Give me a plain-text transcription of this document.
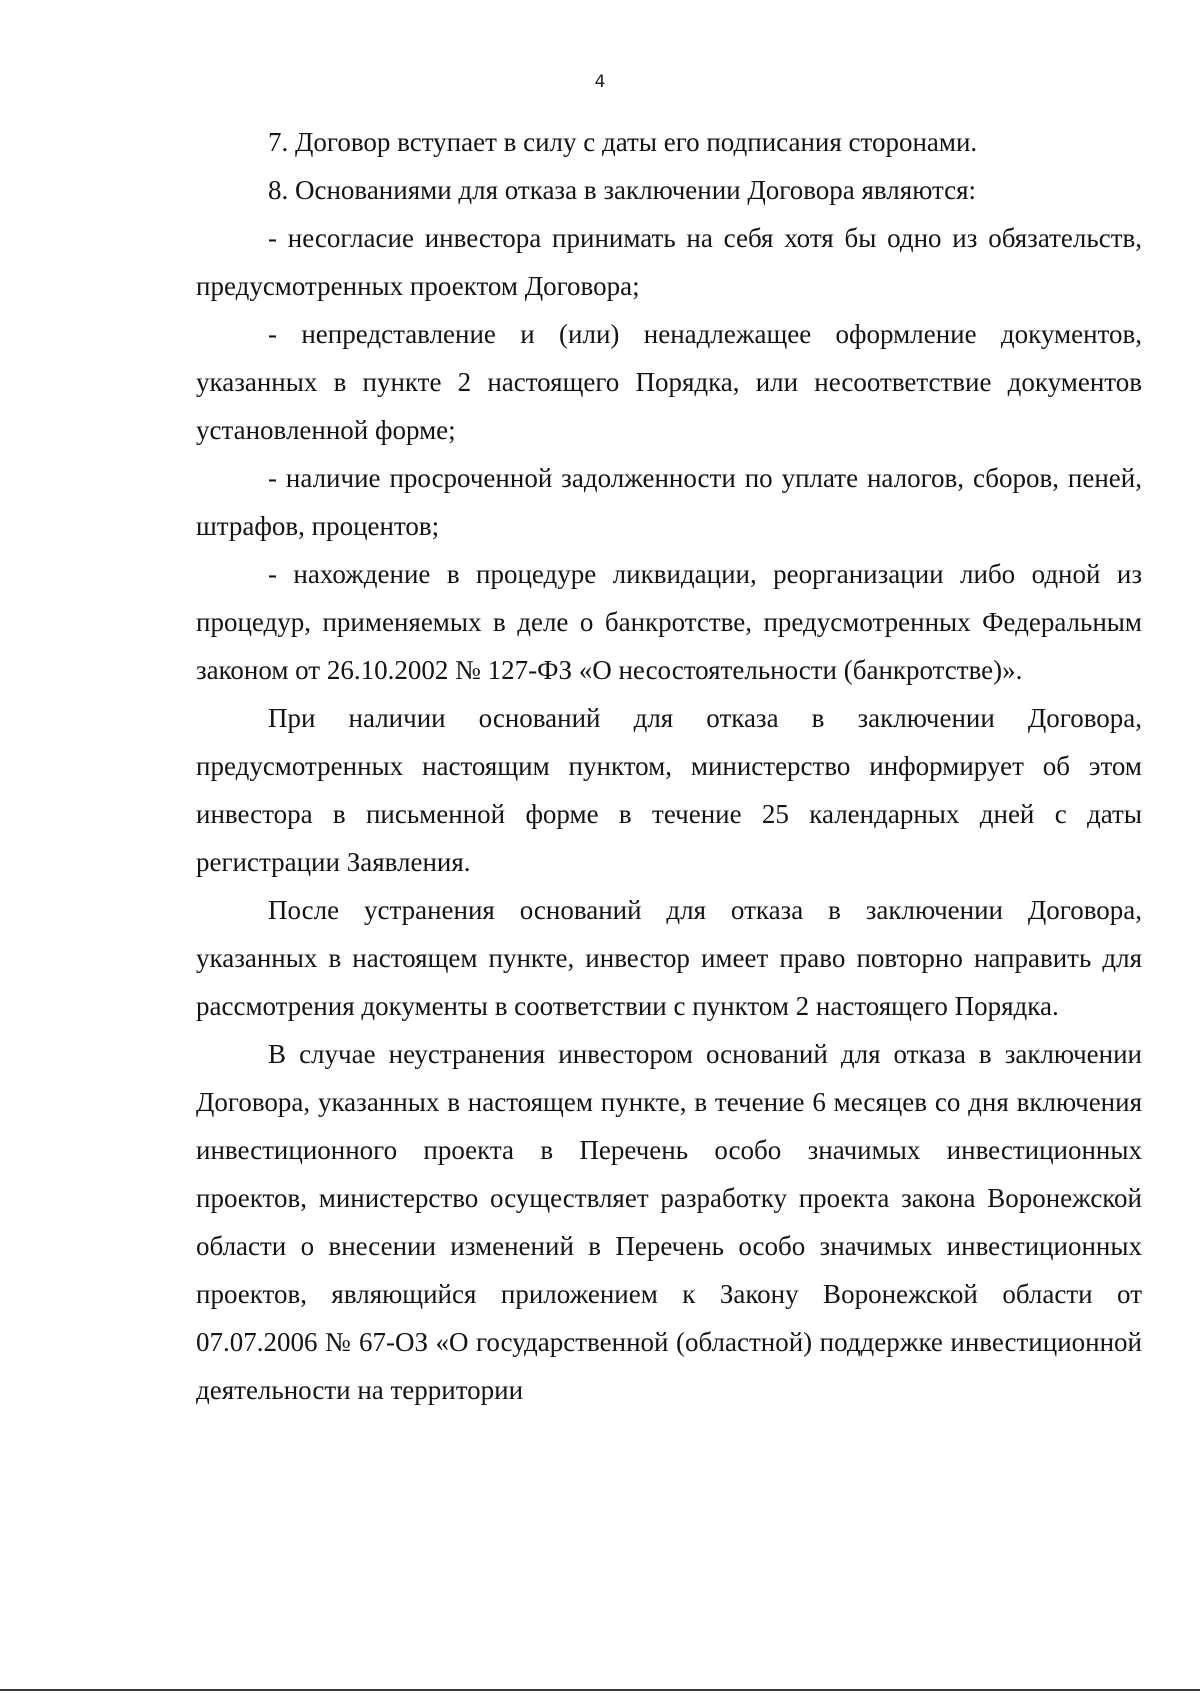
4

7. Договор вступает в силу с даты его подписания сторонами.

8. Основаниями для отказа в заключении Договора являются:

- несогласие инвестора принимать на себя хотя бы одно из обязательств, предусмотренных проектом Договора;

- непредставление и (или) ненадлежащее оформление документов, указанных в пункте 2 настоящего Порядка, или несоответствие документов установленной форме;

- наличие просроченной задолженности по уплате налогов, сборов, пеней, штрафов, процентов;

- нахождение в процедуре ликвидации, реорганизации либо одной из процедур, применяемых в деле о банкротстве, предусмотренных Федеральным законом от 26.10.2002 № 127-ФЗ «О несостоятельности (банкротстве)».

При наличии оснований для отказа в заключении Договора, предусмотренных настоящим пунктом, министерство информирует об этом инвестора в письменной форме в течение 25 календарных дней с даты регистрации Заявления.

После устранения оснований для отказа в заключении Договора, указанных в настоящем пункте, инвестор имеет право повторно направить для рассмотрения документы в соответствии с пунктом 2 настоящего Порядка.

В случае неустранения инвестором оснований для отказа в заключении Договора, указанных в настоящем пункте, в течение 6 месяцев со дня включения инвестиционного проекта в Перечень особо значимых инвестиционных проектов, министерство осуществляет разработку проекта закона Воронежской области о внесении изменений в Перечень особо значимых инвестиционных проектов, являющийся приложением к Закону Воронежской области от 07.07.2006 № 67-ОЗ «О государственной (областной) поддержке инвестиционной деятельности на территории
